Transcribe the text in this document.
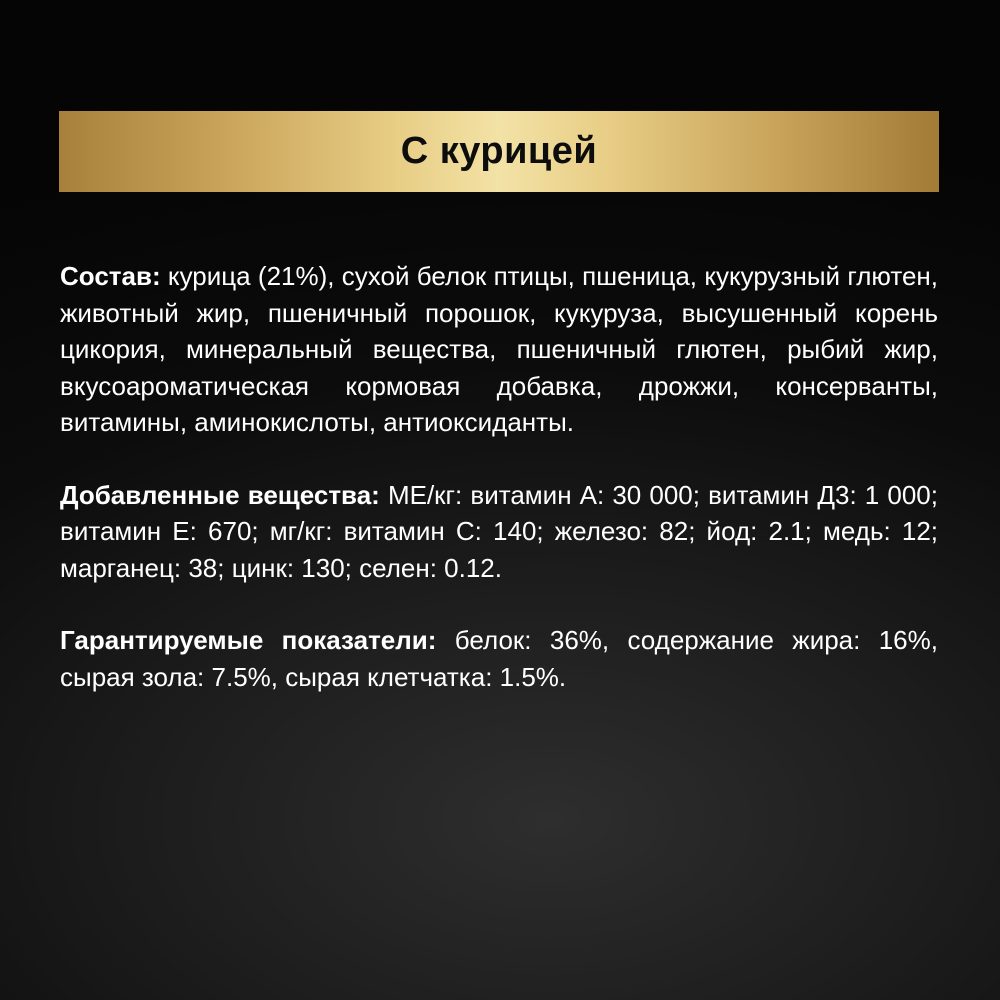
С курицей

Состав: курица (21%), сухой белок птицы, пшеница, кукурузный глютен, животный жир, пшеничный порошок, кукуруза, высушенный корень цикория, минеральный вещества, пшеничный глютен, рыбий жир, вкусоароматическая кормовая добавка, дрожжи, консерванты, витамины, аминокислоты, антиоксиданты.

Добавленные вещества: МЕ/кг: витамин А: 30 000; витамин Д3: 1 000; витамин Е: 670; мг/кг: витамин С: 140; железо: 82; йод: 2.1; медь: 12; марганец: 38; цинк: 130; селен: 0.12.

Гарантируемые показатели: белок: 36%, содержание жира: 16%, сырая зола: 7.5%, сырая клетчатка: 1.5%.
